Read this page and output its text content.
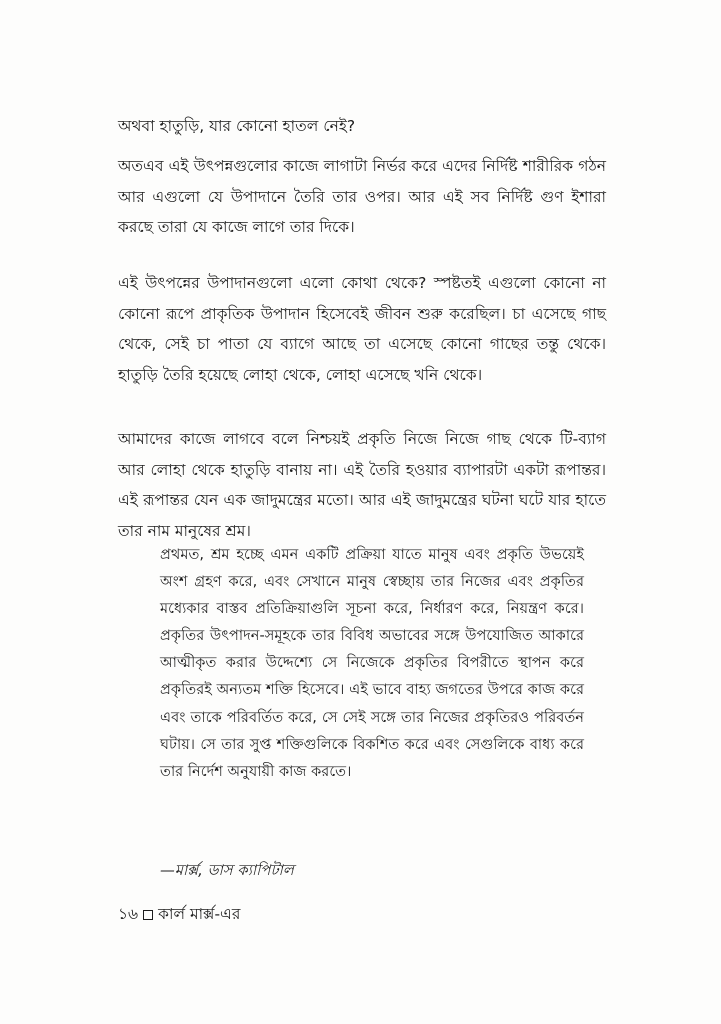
অথবা হাতুড়ি, যার কোনো হাতল নেই?

অতএব এই উৎপন্নগুলোর কাজে লাগাটা নির্ভর করে এদের নির্দিষ্ট শারীরিক গঠন আর এগুলো যে উপাদানে তৈরি তার ওপর। আর এই সব নির্দিষ্ট গুণ ইশারা করছে তারা যে কাজে লাগে তার দিকে।

এই উৎপন্নের উপাদানগুলো এলো কোথা থেকে? স্পষ্টতই এগুলো কোনো না কোনো রূপে প্রাকৃতিক উপাদান হিসেবেই জীবন শুরু করেছিল। চা এসেছে গাছ থেকে, সেই চা পাতা যে ব্যাগে আছে তা এসেছে কোনো গাছের তন্তু থেকে। হাতুড়ি তৈরি হয়েছে লোহা থেকে, লোহা এসেছে খনি থেকে।

আমাদের কাজে লাগবে বলে নিশ্চয়ই প্রকৃতি নিজে নিজে গাছ থেকে টি-ব্যাগ আর লোহা থেকে হাতুড়ি বানায় না। এই তৈরি হওয়ার ব্যাপারটা একটা রূপান্তর। এই রূপান্তর যেন এক জাদুমন্ত্রের মতো। আর এই জাদুমন্ত্রের ঘটনা ঘটে যার হাতে তার নাম মানুষের শ্রম।

প্রথমত, শ্রম হচ্ছে এমন একটি প্রক্রিয়া যাতে মানুষ এবং প্রকৃতি উভয়েই অংশ গ্রহণ করে, এবং সেখানে মানুষ স্বেচ্ছায় তার নিজের এবং প্রকৃতির মধ্যেকার বাস্তব প্রতিক্রিয়াগুলি সূচনা করে, নির্ধারণ করে, নিয়ন্ত্রণ করে। প্রকৃতির উৎপাদন-সমূহকে তার বিবিধ অভাবের সঙ্গে উপযোজিত আকারে আত্মীকৃত করার উদ্দেশ্যে সে নিজেকে প্রকৃতির বিপরীতে স্থাপন করে প্রকৃতিরই অন্যতম শক্তি হিসেবে। এই ভাবে বাহ্য জগতের উপরে কাজ করে এবং তাকে পরিবর্তিত করে, সে সেই সঙ্গে তার নিজের প্রকৃতিরও পরিবর্তন ঘটায়। সে তার সুপ্ত শক্তিগুলিকে বিকশিত করে এবং সেগুলিকে বাধ্য করে তার নির্দেশ অনুযায়ী কাজ করতে।

—মার্ক্স, ডাস ক্যাপিটাল

১৬ কার্ল মার্ক্স-এর
